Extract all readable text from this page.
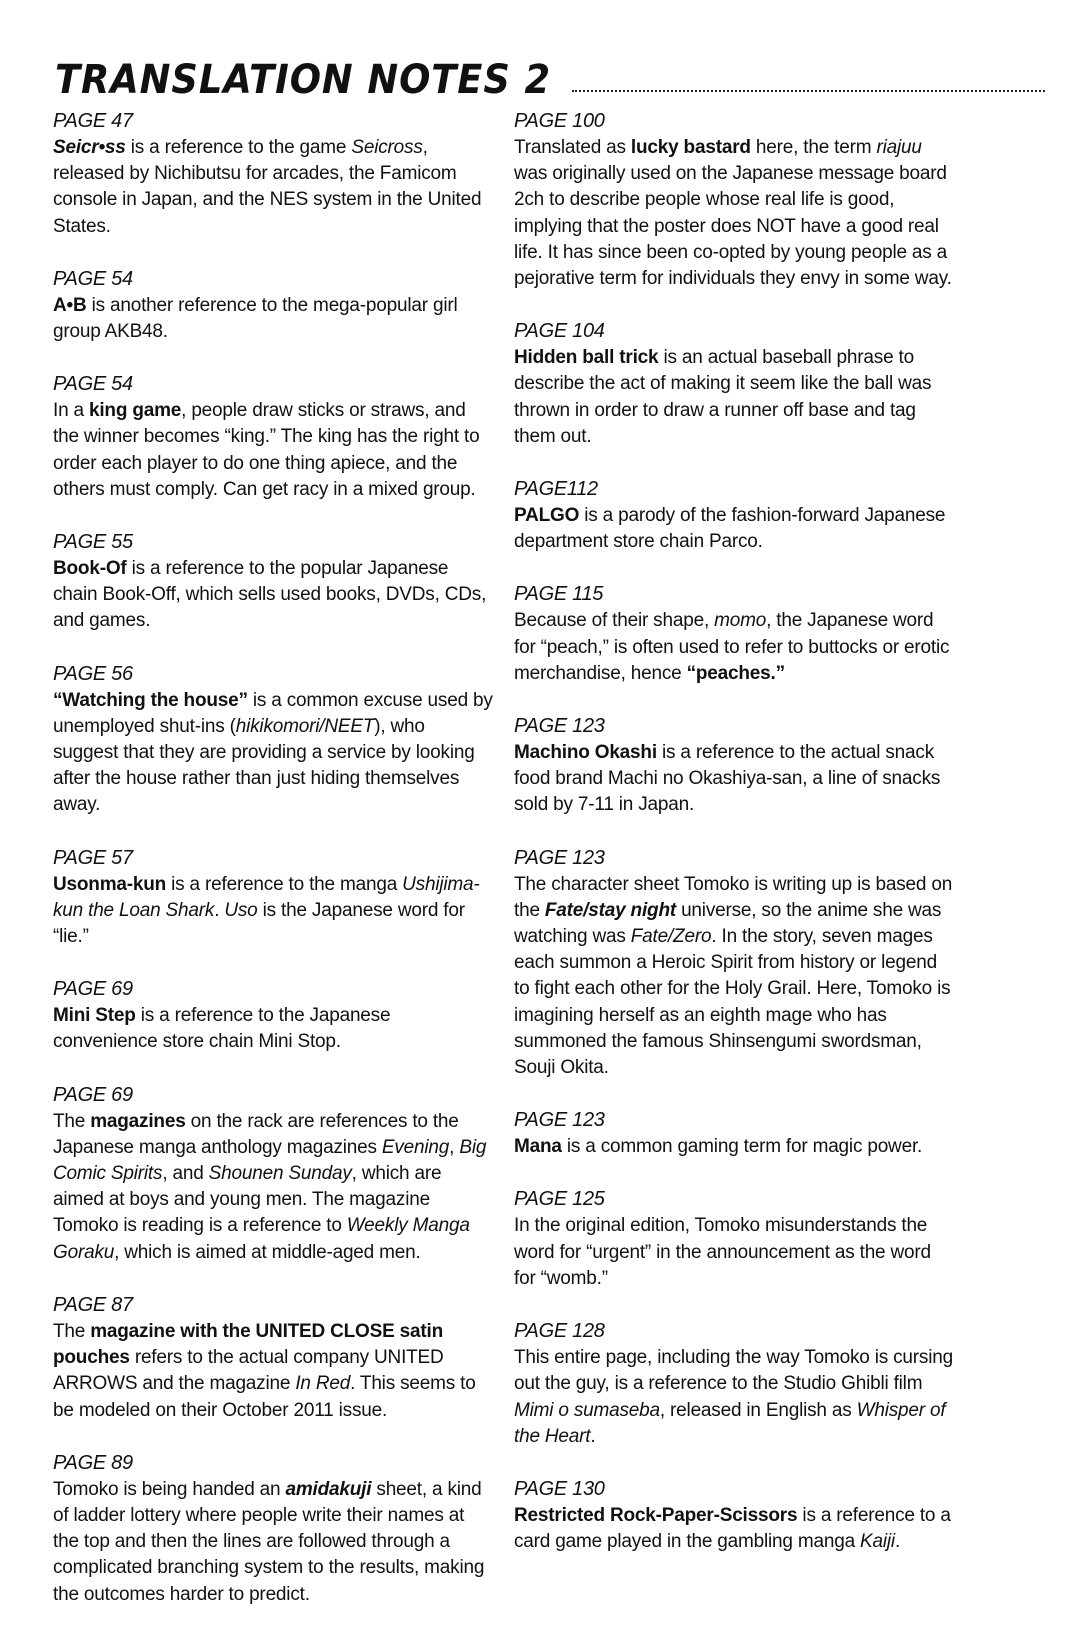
TRANSLATION NOTES 2
PAGE 47

Seicr•ss is a reference to the game Seicross, released by Nichibutsu for arcades, the Famicom console in Japan, and the NES system in the United States.

PAGE 54

A•B is another reference to the mega-popular girl group AKB48.

PAGE 54

In a king game, people draw sticks or straws, and the winner becomes “king.” The king has the right to order each player to do one thing apiece, and the others must comply. Can get racy in a mixed group.

PAGE 55

Book-Of is a reference to the popular Japanese chain Book-Off, which sells used books, DVDs, CDs, and games.

PAGE 56

“Watching the house” is a common excuse used by unemployed shut-ins (hikikomori/NEET), who suggest that they are providing a service by looking after the house rather than just hiding themselves away.

PAGE 57

Usonma-kun is a reference to the manga Ushijima-kun the Loan Shark. Uso is the Japanese word for “lie.”

PAGE 69

Mini Step is a reference to the Japanese convenience store chain Mini Stop.

PAGE 69

The magazines on the rack are references to the Japanese manga anthology magazines Evening, Big Comic Spirits, and Shounen Sunday, which are aimed at boys and young men. The magazine Tomoko is reading is a reference to Weekly Manga Goraku, which is aimed at middle-aged men.

PAGE 87

The magazine with the UNITED CLOSE satin pouches refers to the actual company UNITED ARROWS and the magazine In Red. This seems to be modeled on their October 2011 issue.

PAGE 89

Tomoko is being handed an amidakuji sheet, a kind of ladder lottery where people write their names at the top and then the lines are followed through a complicated branching system to the results, making the outcomes harder to predict.

PAGE 100

Translated as lucky bastard here, the term riajuu was originally used on the Japanese message board 2ch to describe people whose real life is good, implying that the poster does NOT have a good real life. It has since been co-opted by young people as a pejorative term for individuals they envy in some way.

PAGE 104

Hidden ball trick is an actual baseball phrase to describe the act of making it seem like the ball was thrown in order to draw a runner off base and tag them out.

PAGE112

PALGO is a parody of the fashion-forward Japanese department store chain Parco.

PAGE 115

Because of their shape, momo, the Japanese word for “peach,” is often used to refer to buttocks or erotic merchandise, hence “peaches.”

PAGE 123

Machino Okashi is a reference to the actual snack food brand Machi no Okashiya-san, a line of snacks sold by 7-11 in Japan.

PAGE 123

The character sheet Tomoko is writing up is based on the Fate/stay night universe, so the anime she was watching was Fate/Zero. In the story, seven mages each summon a Heroic Spirit from history or legend to fight each other for the Holy Grail. Here, Tomoko is imagining herself as an eighth mage who has summoned the famous Shinsengumi swordsman, Souji Okita.

PAGE 123

Mana is a common gaming term for magic power.

PAGE 125

In the original edition, Tomoko misunderstands the word for “urgent” in the announcement as the word for “womb.”

PAGE 128

This entire page, including the way Tomoko is cursing out the guy, is a reference to the Studio Ghibli film Mimi o sumaseba, released in English as Whisper of the Heart.

PAGE 130

Restricted Rock-Paper-Scissors is a reference to a card game played in the gambling manga Kaiji.
